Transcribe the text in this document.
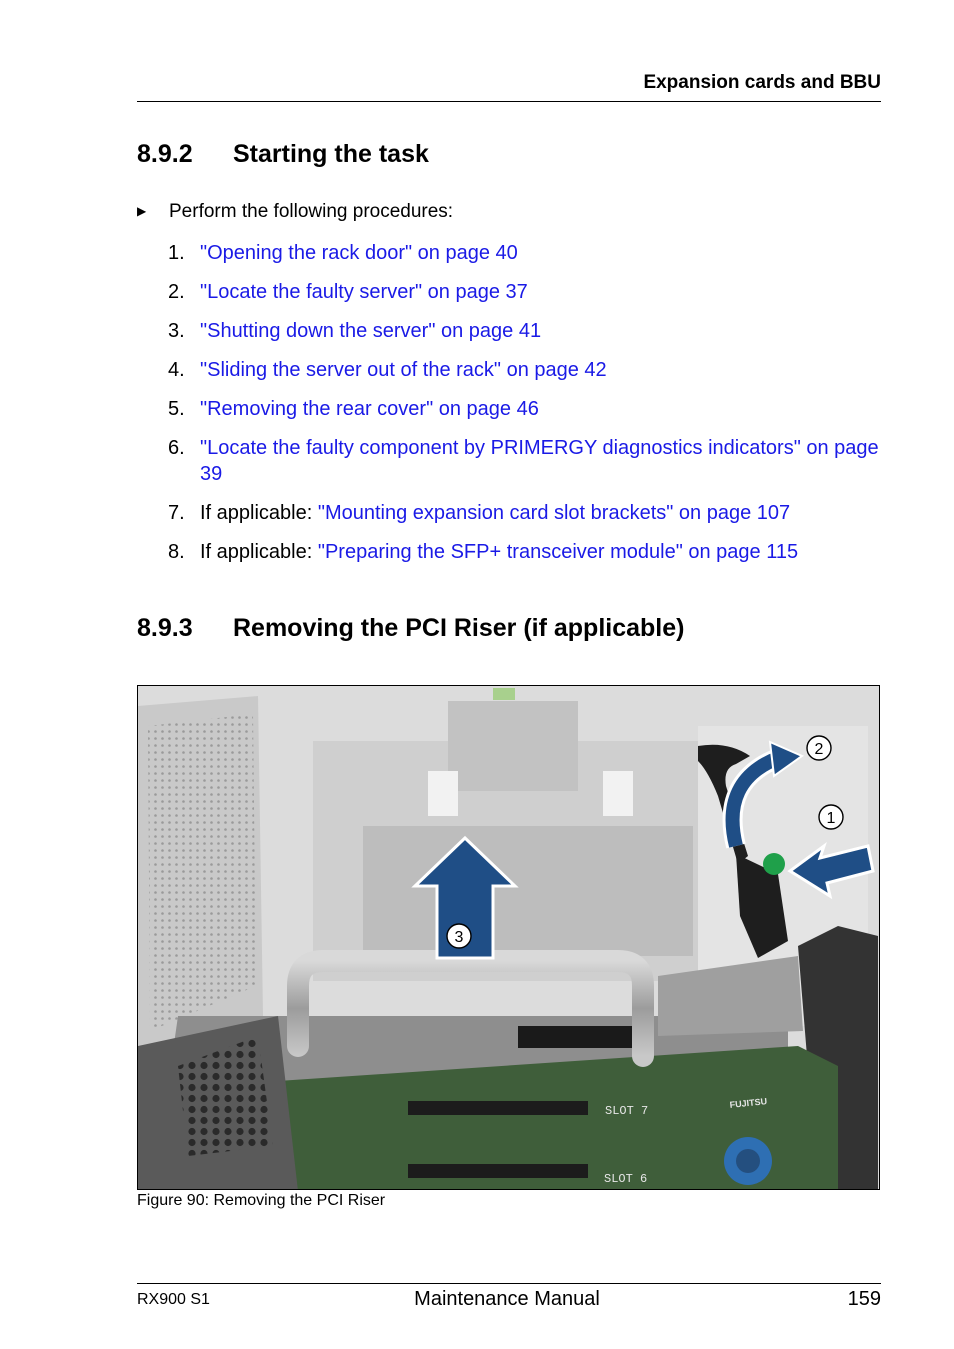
Expansion cards and BBU
8.9.2 Starting the task
▶ Perform the following procedures:
1. "Opening the rack door" on page 40
2. "Locate the faulty server" on page 37
3. "Shutting down the server" on page 41
4. "Sliding the server out of the rack" on page 42
5. "Removing the rear cover" on page 46
6. "Locate the faulty component by PRIMERGY diagnostics indicators" on page 39
7. If applicable: "Mounting expansion card slot brackets" on page 107
8. If applicable: "Preparing the SFP+ transceiver module" on page 115
8.9.3 Removing the PCI Riser (if applicable)
SLOT 7
SLOT 6
FUJITSU
2
1
3
Figure 90: Removing the PCI Riser
RX900 S1	Maintenance Manual	159
